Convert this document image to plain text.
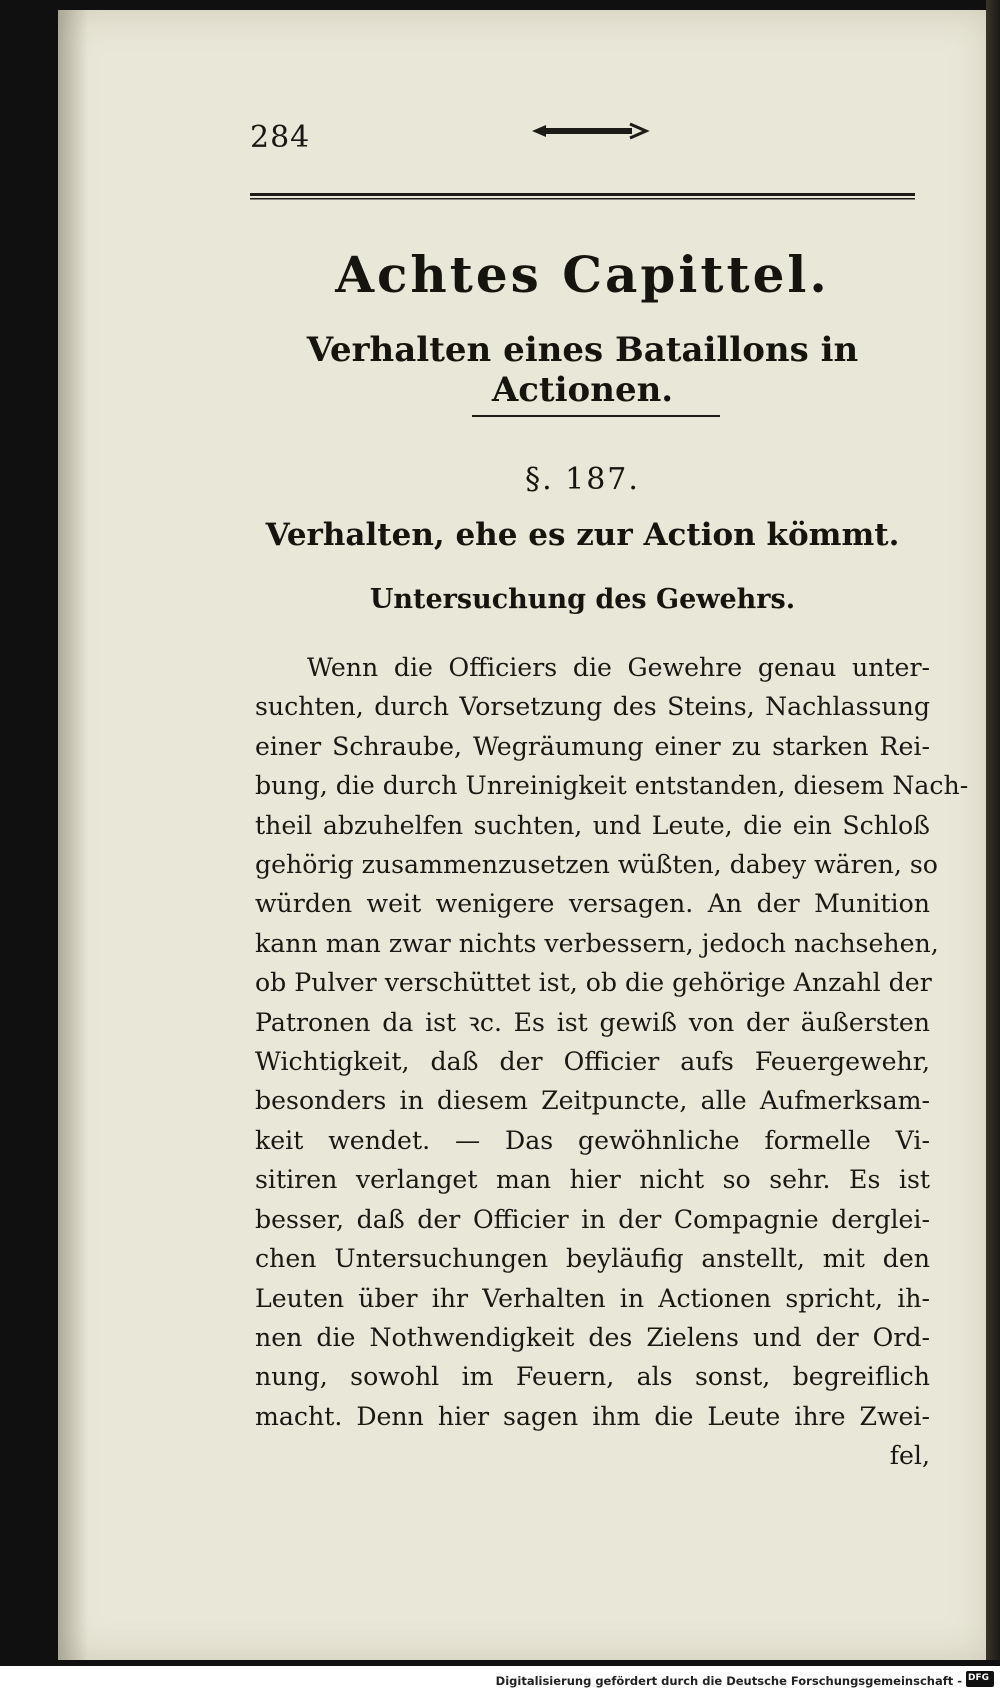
284
Achtes Capittel.
Verhalten eines Bataillons in Actionen.
§. 187.
Verhalten, ehe es zur Action kömmt.
Untersuchung des Gewehrs.
Wenn die Officiers die Gewehre genau unter-
suchten, durch Vorsetzung des Steins, Nachlassung
einer Schraube, Wegräumung einer zu starken Rei-
bung, die durch Unreinigkeit entstanden, diesem Nach-
theil abzuhelfen suchten, und Leute, die ein Schloß
gehörig zusammenzusetzen wüßten, dabey wären, so
würden weit wenigere versagen. An der Munition
kann man zwar nichts verbessern, jedoch nachsehen,
ob Pulver verschüttet ist, ob die gehörige Anzahl der
Patronen da ist ꝛc. Es ist gewiß von der äußersten
Wichtigkeit, daß der Officier aufs Feuergewehr,
besonders in diesem Zeitpuncte, alle Aufmerksam-
keit wendet. — Das gewöhnliche formelle Vi-
sitiren verlanget man hier nicht so sehr. Es ist
besser, daß der Officier in der Compagnie derglei-
chen Untersuchungen beyläufig anstellt, mit den
Leuten über ihr Verhalten in Actionen spricht, ih-
nen die Nothwendigkeit des Zielens und der Ord-
nung, sowohl im Feuern, als sonst, begreiflich
macht. Denn hier sagen ihm die Leute ihre Zwei-
fel,
Digitalisierung gefördert durch die Deutsche Forschungsgemeinschaft - DFG
